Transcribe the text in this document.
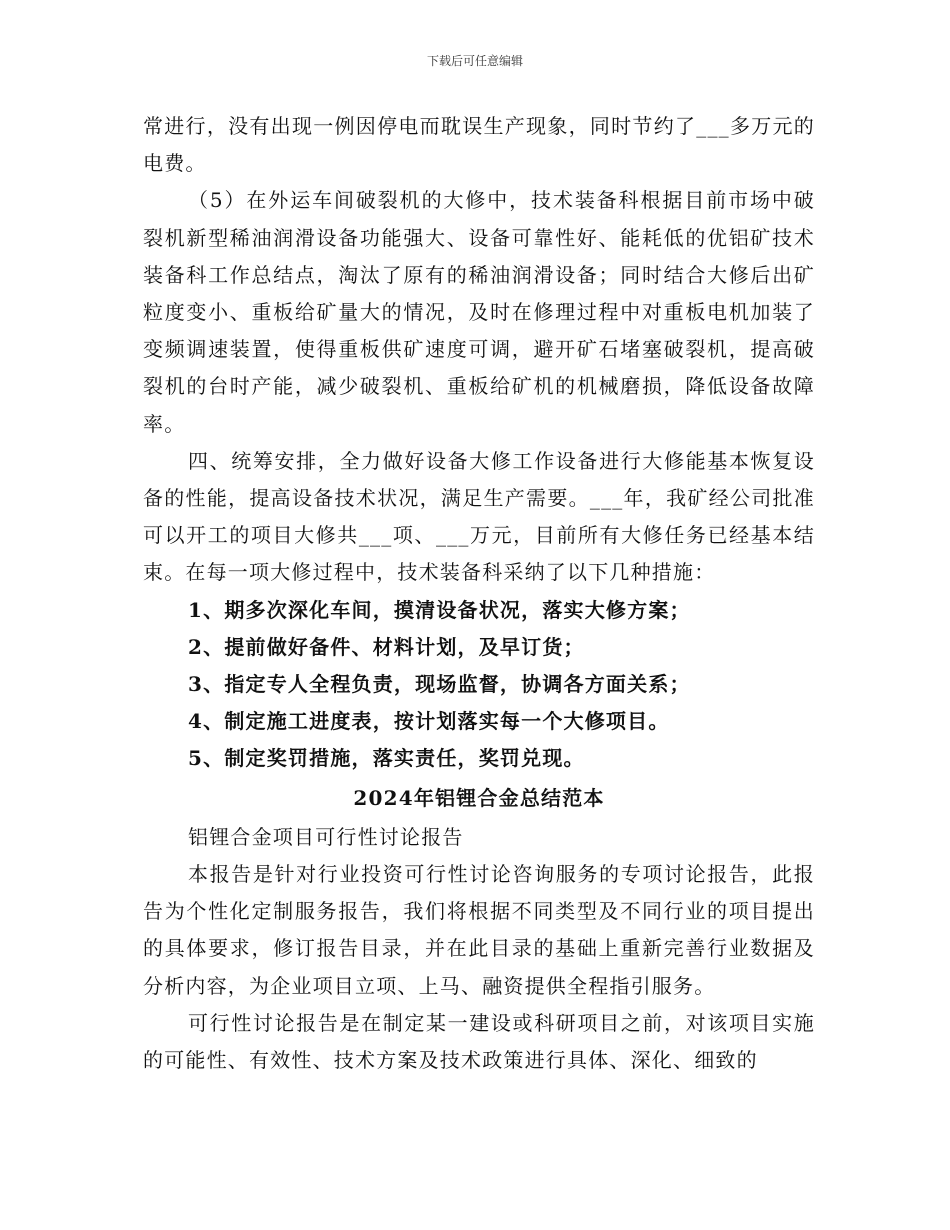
下载后可任意编辑

常进行，没有出现一例因停电而耽误生产现象，同时节约了___多万元的电费。

（5）在外运车间破裂机的大修中，技术装备科根据目前市场中破裂机新型稀油润滑设备功能强大、设备可靠性好、能耗低的优铝矿技术装备科工作总结点，淘汰了原有的稀油润滑设备；同时结合大修后出矿粒度变小、重板给矿量大的情况，及时在修理过程中对重板电机加装了变频调速装置，使得重板供矿速度可调，避开矿石堵塞破裂机，提高破裂机的台时产能，减少破裂机、重板给矿机的机械磨损，降低设备故障率。

四、统筹安排，全力做好设备大修工作设备进行大修能基本恢复设备的性能，提高设备技术状况，满足生产需要。___年，我矿经公司批准可以开工的项目大修共___项、___万元，目前所有大修任务已经基本结束。在每一项大修过程中，技术装备科采纳了以下几种措施：

1、期多次深化车间，摸清设备状况，落实大修方案；

2、提前做好备件、材料计划，及早订货；

3、指定专人全程负责，现场监督，协调各方面关系；

4、制定施工进度表，按计划落实每一个大修项目。

5、制定奖罚措施，落实责任，奖罚兑现。

2024年铝锂合金总结范本

铝锂合金项目可行性讨论报告

本报告是针对行业投资可行性讨论咨询服务的专项讨论报告，此报告为个性化定制服务报告，我们将根据不同类型及不同行业的项目提出的具体要求，修订报告目录，并在此目录的基础上重新完善行业数据及分析内容，为企业项目立项、上马、融资提供全程指引服务。

可行性讨论报告是在制定某一建设或科研项目之前，对该项目实施的可能性、有效性、技术方案及技术政策进行具体、深化、细致的
